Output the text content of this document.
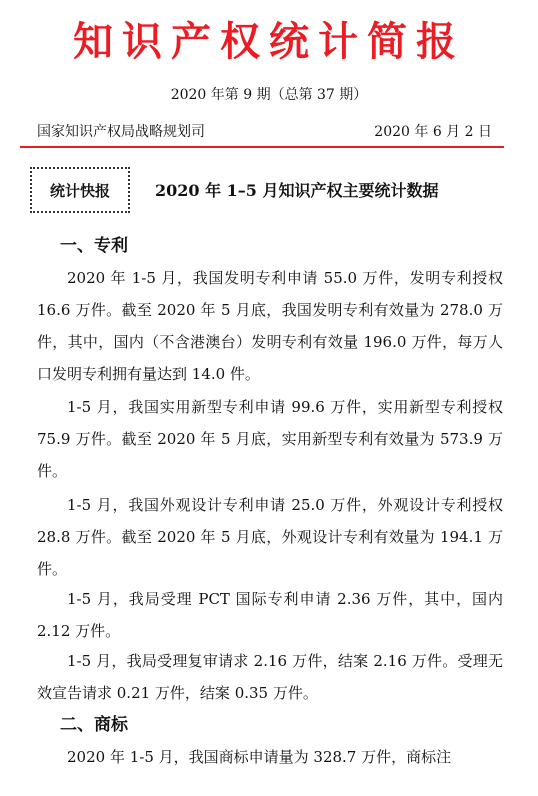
知识产权统计简报
2020 年第 9 期（总第 37 期）
国家知识产权局战略规划司	2020 年 6 月 2 日
统计快报	2020 年 1–5 月知识产权主要统计数据
一、专利
2020 年 1-5 月，我国发明专利申请 55.0 万件，发明专利授权 16.6 万件。截至 2020 年 5 月底，我国发明专利有效量为 278.0 万件，其中，国内（不含港澳台）发明专利有效量 196.0 万件，每万人口发明专利拥有量达到 14.0 件。
1-5 月，我国实用新型专利申请 99.6 万件，实用新型专利授权 75.9 万件。截至 2020 年 5 月底，实用新型专利有效量为 573.9 万件。
1-5 月，我国外观设计专利申请 25.0 万件，外观设计专利授权 28.8 万件。截至 2020 年 5 月底，外观设计专利有效量为 194.1 万件。
1-5 月，我局受理 PCT 国际专利申请 2.36 万件，其中，国内 2.12 万件。
1-5 月，我局受理复审请求 2.16 万件，结案 2.16 万件。受理无效宣告请求 0.21 万件，结案 0.35 万件。
二、商标
2020 年 1-5 月，我国商标申请量为 328.7 万件，商标注
